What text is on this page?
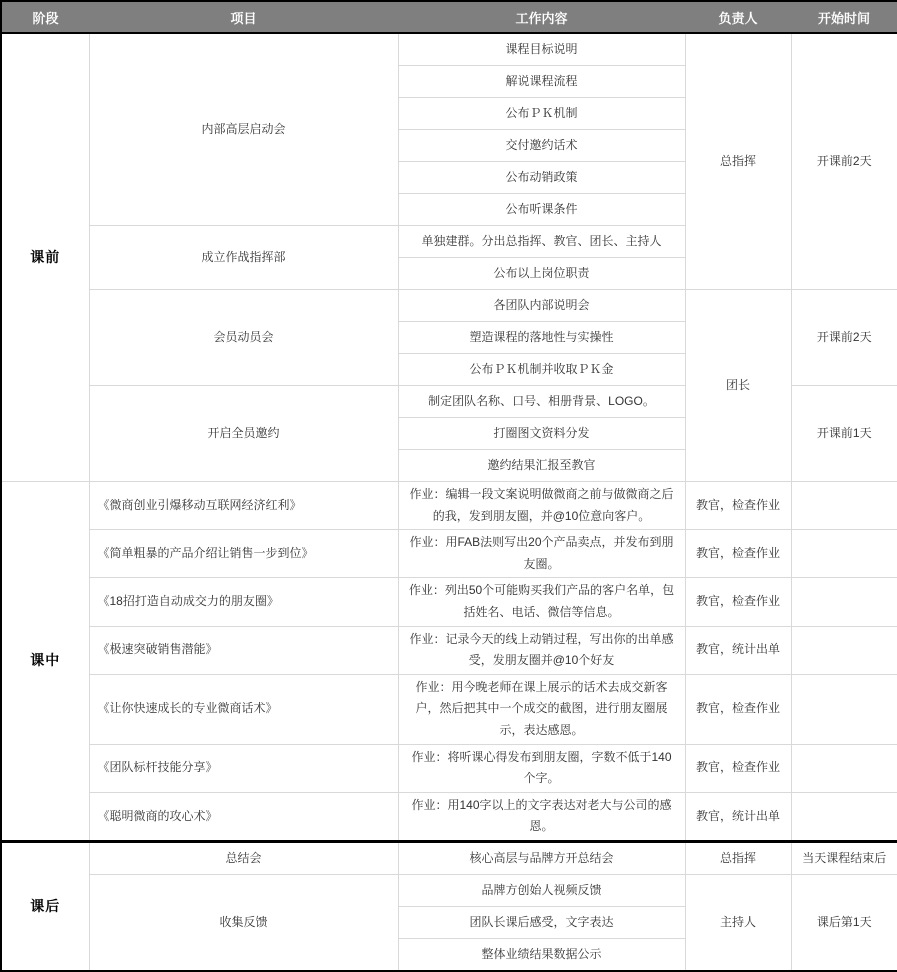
阶段	项目	工作内容	负责人	开始时间
课前	内部高层启动会	课程目标说明	总指挥	开课前2天
		解说课程流程		
		公布ＰＫ机制		
		交付邀约话术		
		公布动销政策		
		公布听课条件		
	成立作战指挥部	单独建群。分出总指挥、教官、团长、主持人		
		公布以上岗位职责		
	会员动员会	各团队内部说明会	团长	开课前2天
		塑造课程的落地性与实操性		
		公布ＰＫ机制并收取ＰＫ金		
	开启全员邀约	制定团队名称、口号、相册背景、LOGO。		开课前1天
		打圈图文资料分发		
		邀约结果汇报至教官		
课中	《微商创业引爆移动互联网经济红利》	作业：编辑一段文案说明做微商之前与做微商之后的我，发到朋友圈，并@10位意向客户。	教官，检查作业	
	《简单粗暴的产品介绍让销售一步到位》	作业：用FAB法则写出20个产品卖点，并发布到朋友圈。	教官，检查作业	
	《18招打造自动成交力的朋友圈》	作业：列出50个可能购买我们产品的客户名单，包括姓名、电话、微信等信息。	教官，检查作业	
	《极速突破销售潜能》	作业：记录今天的线上动销过程，写出你的出单感受，发朋友圈并@10个好友	教官，统计出单	
	《让你快速成长的专业微商话术》	作业：用今晚老师在课上展示的话术去成交新客户，然后把其中一个成交的截图，进行朋友圈展示，表达感恩。	教官，检查作业	
	《团队标杆技能分享》	作业：将听课心得发布到朋友圈，字数不低于140个字。	教官，检查作业	
	《聪明微商的攻心术》	作业：用140字以上的文字表达对老大与公司的感恩。	教官，统计出单	
课后	总结会	核心高层与品牌方开总结会	总指挥	当天课程结束后
	收集反馈	品牌方创始人视频反馈	主持人	课后第1天
		团队长课后感受，文字表达		
		整体业绩结果数据公示		
